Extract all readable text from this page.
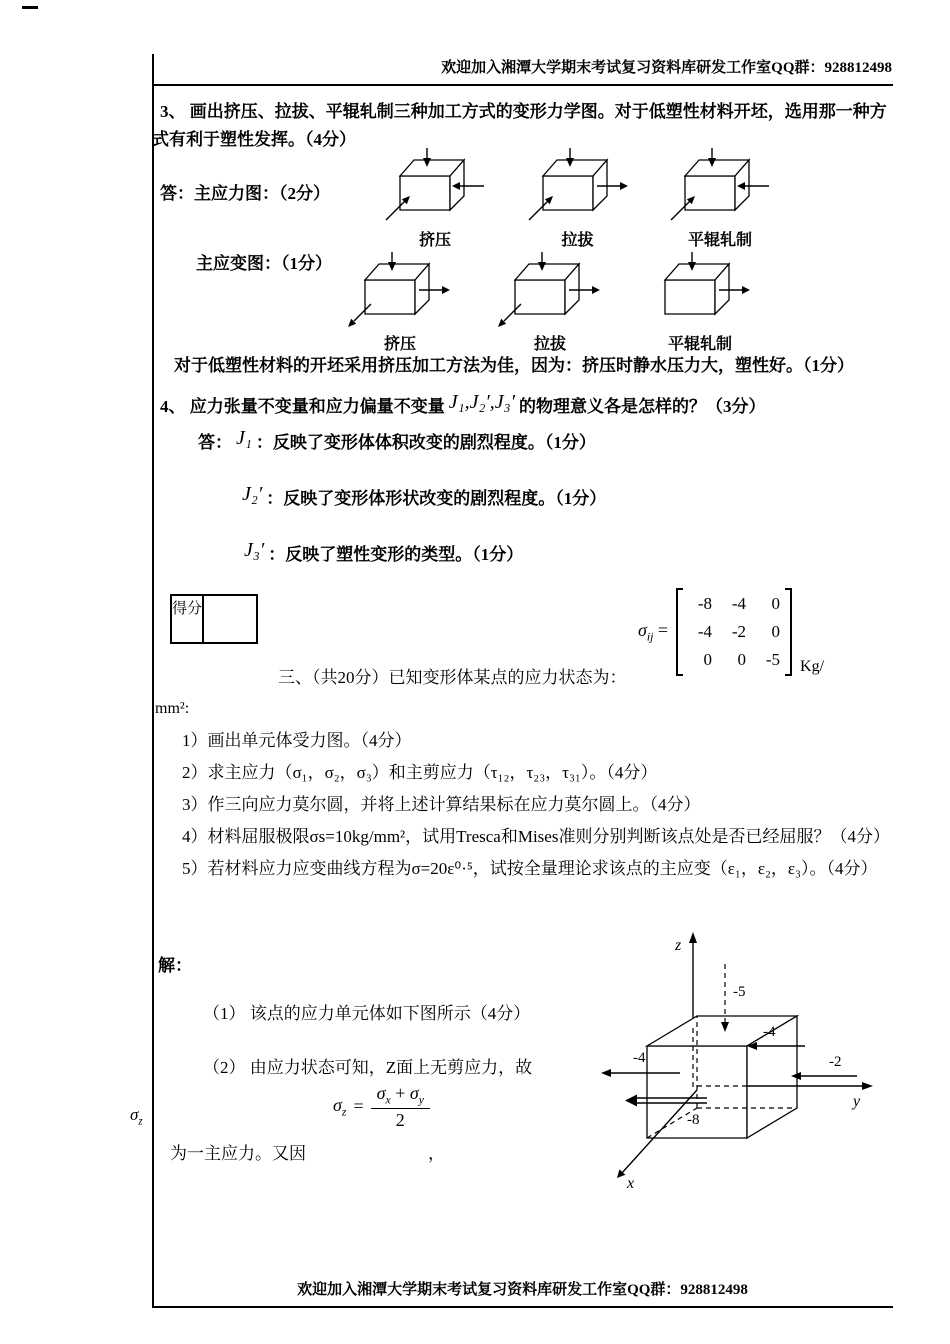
欢迎加入湘潭大学期末考试复习资料库研发工作室QQ群：928812498
欢迎加入湘潭大学期末考试复习资料库研发工作室QQ群：928812498
3、 画出挤压、拉拔、平辊轧制三种加工方式的变形力学图。对于低塑性材料开坯，选用那一种方式有利于塑性发挥。（4分）
答：主应力图：（2分）
挤压	拉拔	平辊轧制
主应变图：（1分）
挤压	拉拔	平辊轧制
对于低塑性材料的开坯采用挤压加工方法为佳，因为：挤压时静水压力大，塑性好。（1分）
4、 应力张量不变量和应力偏量不变量 J₁,J₂′,J₃′ 的物理意义各是怎样的？（3分）
答： J₁ ：反映了变形体体积改变的剧烈程度。（1分）
J₂′ ：反映了变形体形状改变的剧烈程度。（1分）
J₃′ ：反映了塑性变形的类型。（1分）
得分
$\sigma_{ij}$ =
-8	-4	0
-4	-2	0
0	0	-5 Kg/
三、（共20分）已知变形体某点的应力状态为：
mm²:
1）画出单元体受力图。（4分）
2）求主应力（σ₁，σ₂，σ₃）和主剪应力（τ₁₂，τ₂₃，τ₃₁）。（4分）
3）作三向应力莫尔圆，并将上述计算结果标在应力莫尔圆上。（4分）
4）材料屈服极限σs=10kg/mm²，试用Tresca和Mises准则分别判断该点处是否已经屈服？（4分）
5）若材料应力应变曲线方程为σ=20ε⁰·⁵，试按全量理论求该点的主应变（ε₁，ε₂，ε₃）。（4分）
解：
（1） 该点的应力单元体如下图所示（4分）
（2） 由应力状态可知，Z面上无剪应力，故
$\sigma_z$
$\sigma_z = \frac{\sigma_x + \sigma_y}{2}$
为一主应力。又因	，
z
-5
y
x
-4
-4
-2
-8
